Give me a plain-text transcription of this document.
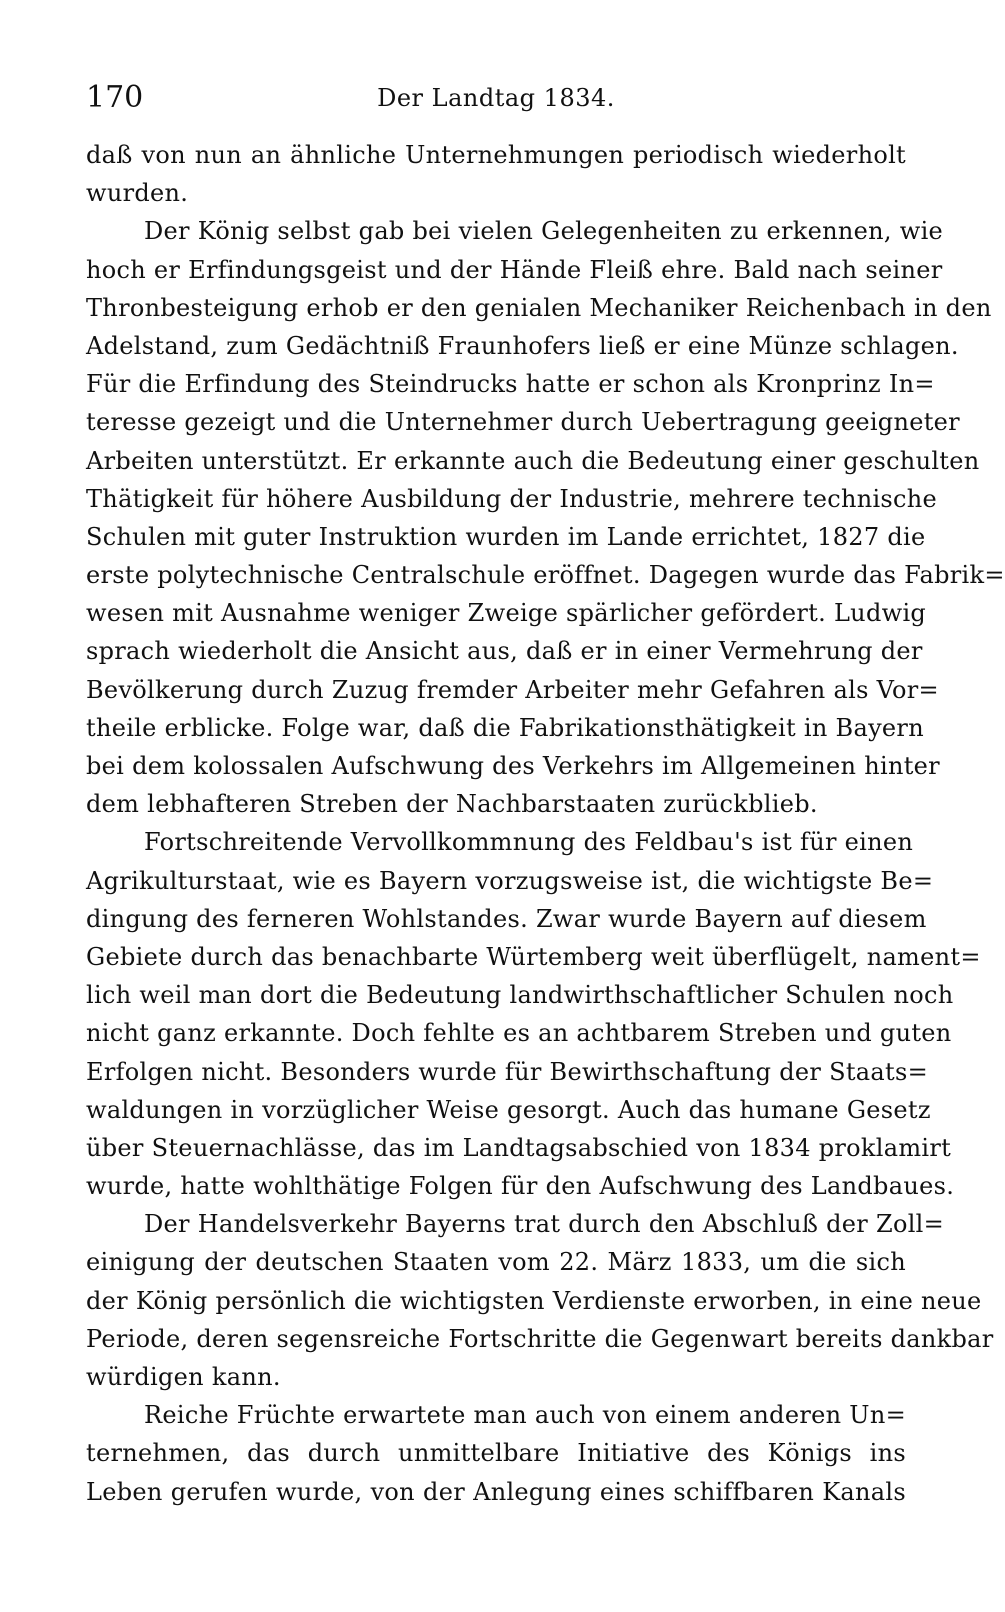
170	Der Landtag 1834.
daß von nun an ähnliche Unternehmungen periodisch wiederholt
wurden.
Der König selbst gab bei vielen Gelegenheiten zu erkennen, wie
hoch er Erfindungsgeist und der Hände Fleiß ehre. Bald nach seiner
Thronbesteigung erhob er den genialen Mechaniker Reichenbach in den
Adelstand, zum Gedächtniß Fraunhofers ließ er eine Münze schlagen.
Für die Erfindung des Steindrucks hatte er schon als Kronprinz In=
teresse gezeigt und die Unternehmer durch Uebertragung geeigneter
Arbeiten unterstützt. Er erkannte auch die Bedeutung einer geschulten
Thätigkeit für höhere Ausbildung der Industrie, mehrere technische
Schulen mit guter Instruktion wurden im Lande errichtet, 1827 die
erste polytechnische Centralschule eröffnet. Dagegen wurde das Fabrik=
wesen mit Ausnahme weniger Zweige spärlicher gefördert. Ludwig
sprach wiederholt die Ansicht aus, daß er in einer Vermehrung der
Bevölkerung durch Zuzug fremder Arbeiter mehr Gefahren als Vor=
theile erblicke. Folge war, daß die Fabrikationsthätigkeit in Bayern
bei dem kolossalen Aufschwung des Verkehrs im Allgemeinen hinter
dem lebhafteren Streben der Nachbarstaaten zurückblieb.
Fortschreitende Vervollkommnung des Feldbau's ist für einen
Agrikulturstaat, wie es Bayern vorzugsweise ist, die wichtigste Be=
dingung des ferneren Wohlstandes. Zwar wurde Bayern auf diesem
Gebiete durch das benachbarte Würtemberg weit überflügelt, nament=
lich weil man dort die Bedeutung landwirthschaftlicher Schulen noch
nicht ganz erkannte. Doch fehlte es an achtbarem Streben und guten
Erfolgen nicht. Besonders wurde für Bewirthschaftung der Staats=
waldungen in vorzüglicher Weise gesorgt. Auch das humane Gesetz
über Steuernachlässe, das im Landtagsabschied von 1834 proklamirt
wurde, hatte wohlthätige Folgen für den Aufschwung des Landbaues.
Der Handelsverkehr Bayerns trat durch den Abschluß der Zoll=
einigung der deutschen Staaten vom 22. März 1833, um die sich
der König persönlich die wichtigsten Verdienste erworben, in eine neue
Periode, deren segensreiche Fortschritte die Gegenwart bereits dankbar
würdigen kann.
Reiche Früchte erwartete man auch von einem anderen Un=
ternehmen, das durch unmittelbare Initiative des Königs ins
Leben gerufen wurde, von der Anlegung eines schiffbaren Kanals
